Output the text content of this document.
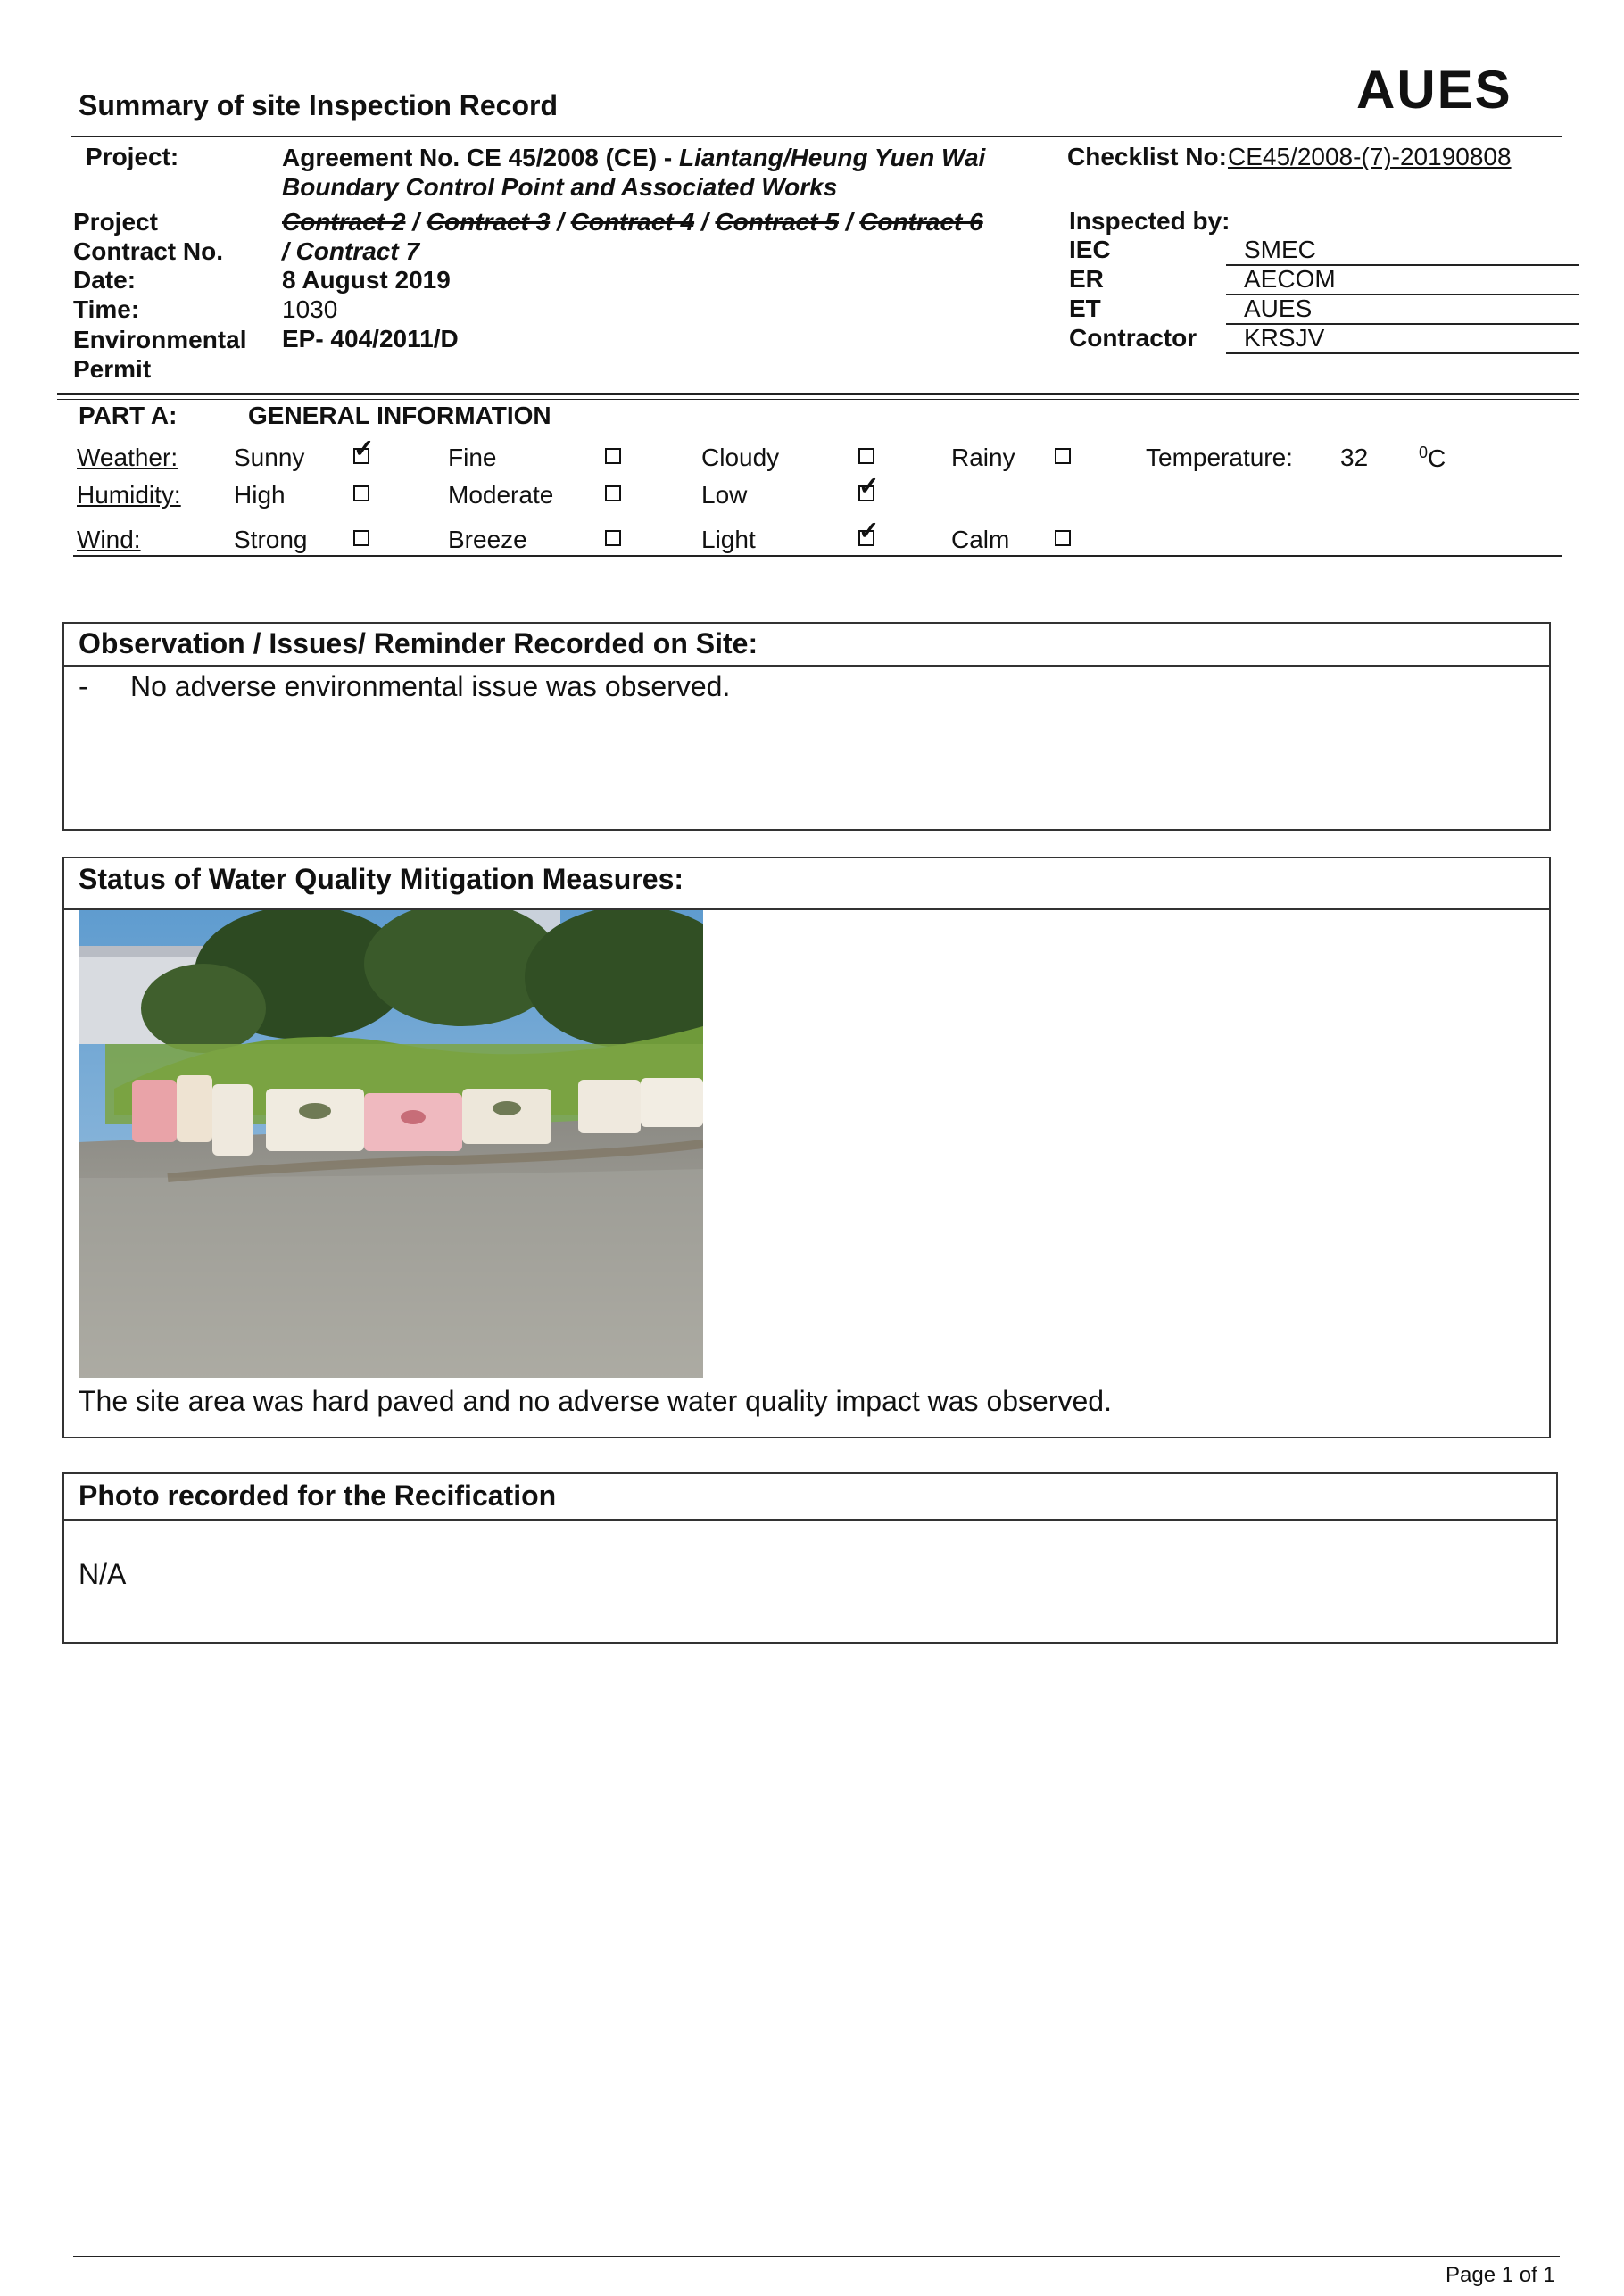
Summary of site Inspection Record	AUES
Project:	Agreement No. CE 45/2008 (CE) - Liantang/Heung Yuen Wai
Boundary Control Point and Associated Works
Checklist No: CE45/2008-(7)-20190808
Project
Contract No.
Contract 2 / Contract 3 / Contract 4 / Contract 5 / Contract 6
/ Contract 7
Date:	8 August 2019
Time:	1030
Environmental
Permit
EP- 404/2011/D
Inspected by:
IEC	SMEC
ER	AECOM
ET	AUES
Contractor KRSJV
PART A:	GENERAL INFORMATION
Weather: Sunny ✓	Fine	Cloudy	Rainy	Temperature: 32	$^0$C
Humidity: High	Moderate	Low	✓
Wind:	Strong	Breeze	Light	✓	Calm
Observation / Issues/ Reminder Recorded on Site:
- No adverse environmental issue was observed.
Status of Water Quality Mitigation Measures:
The site area was hard paved and no adverse water quality impact was observed.
Photo recorded for the Recification
N/A
Page 1 of 1
